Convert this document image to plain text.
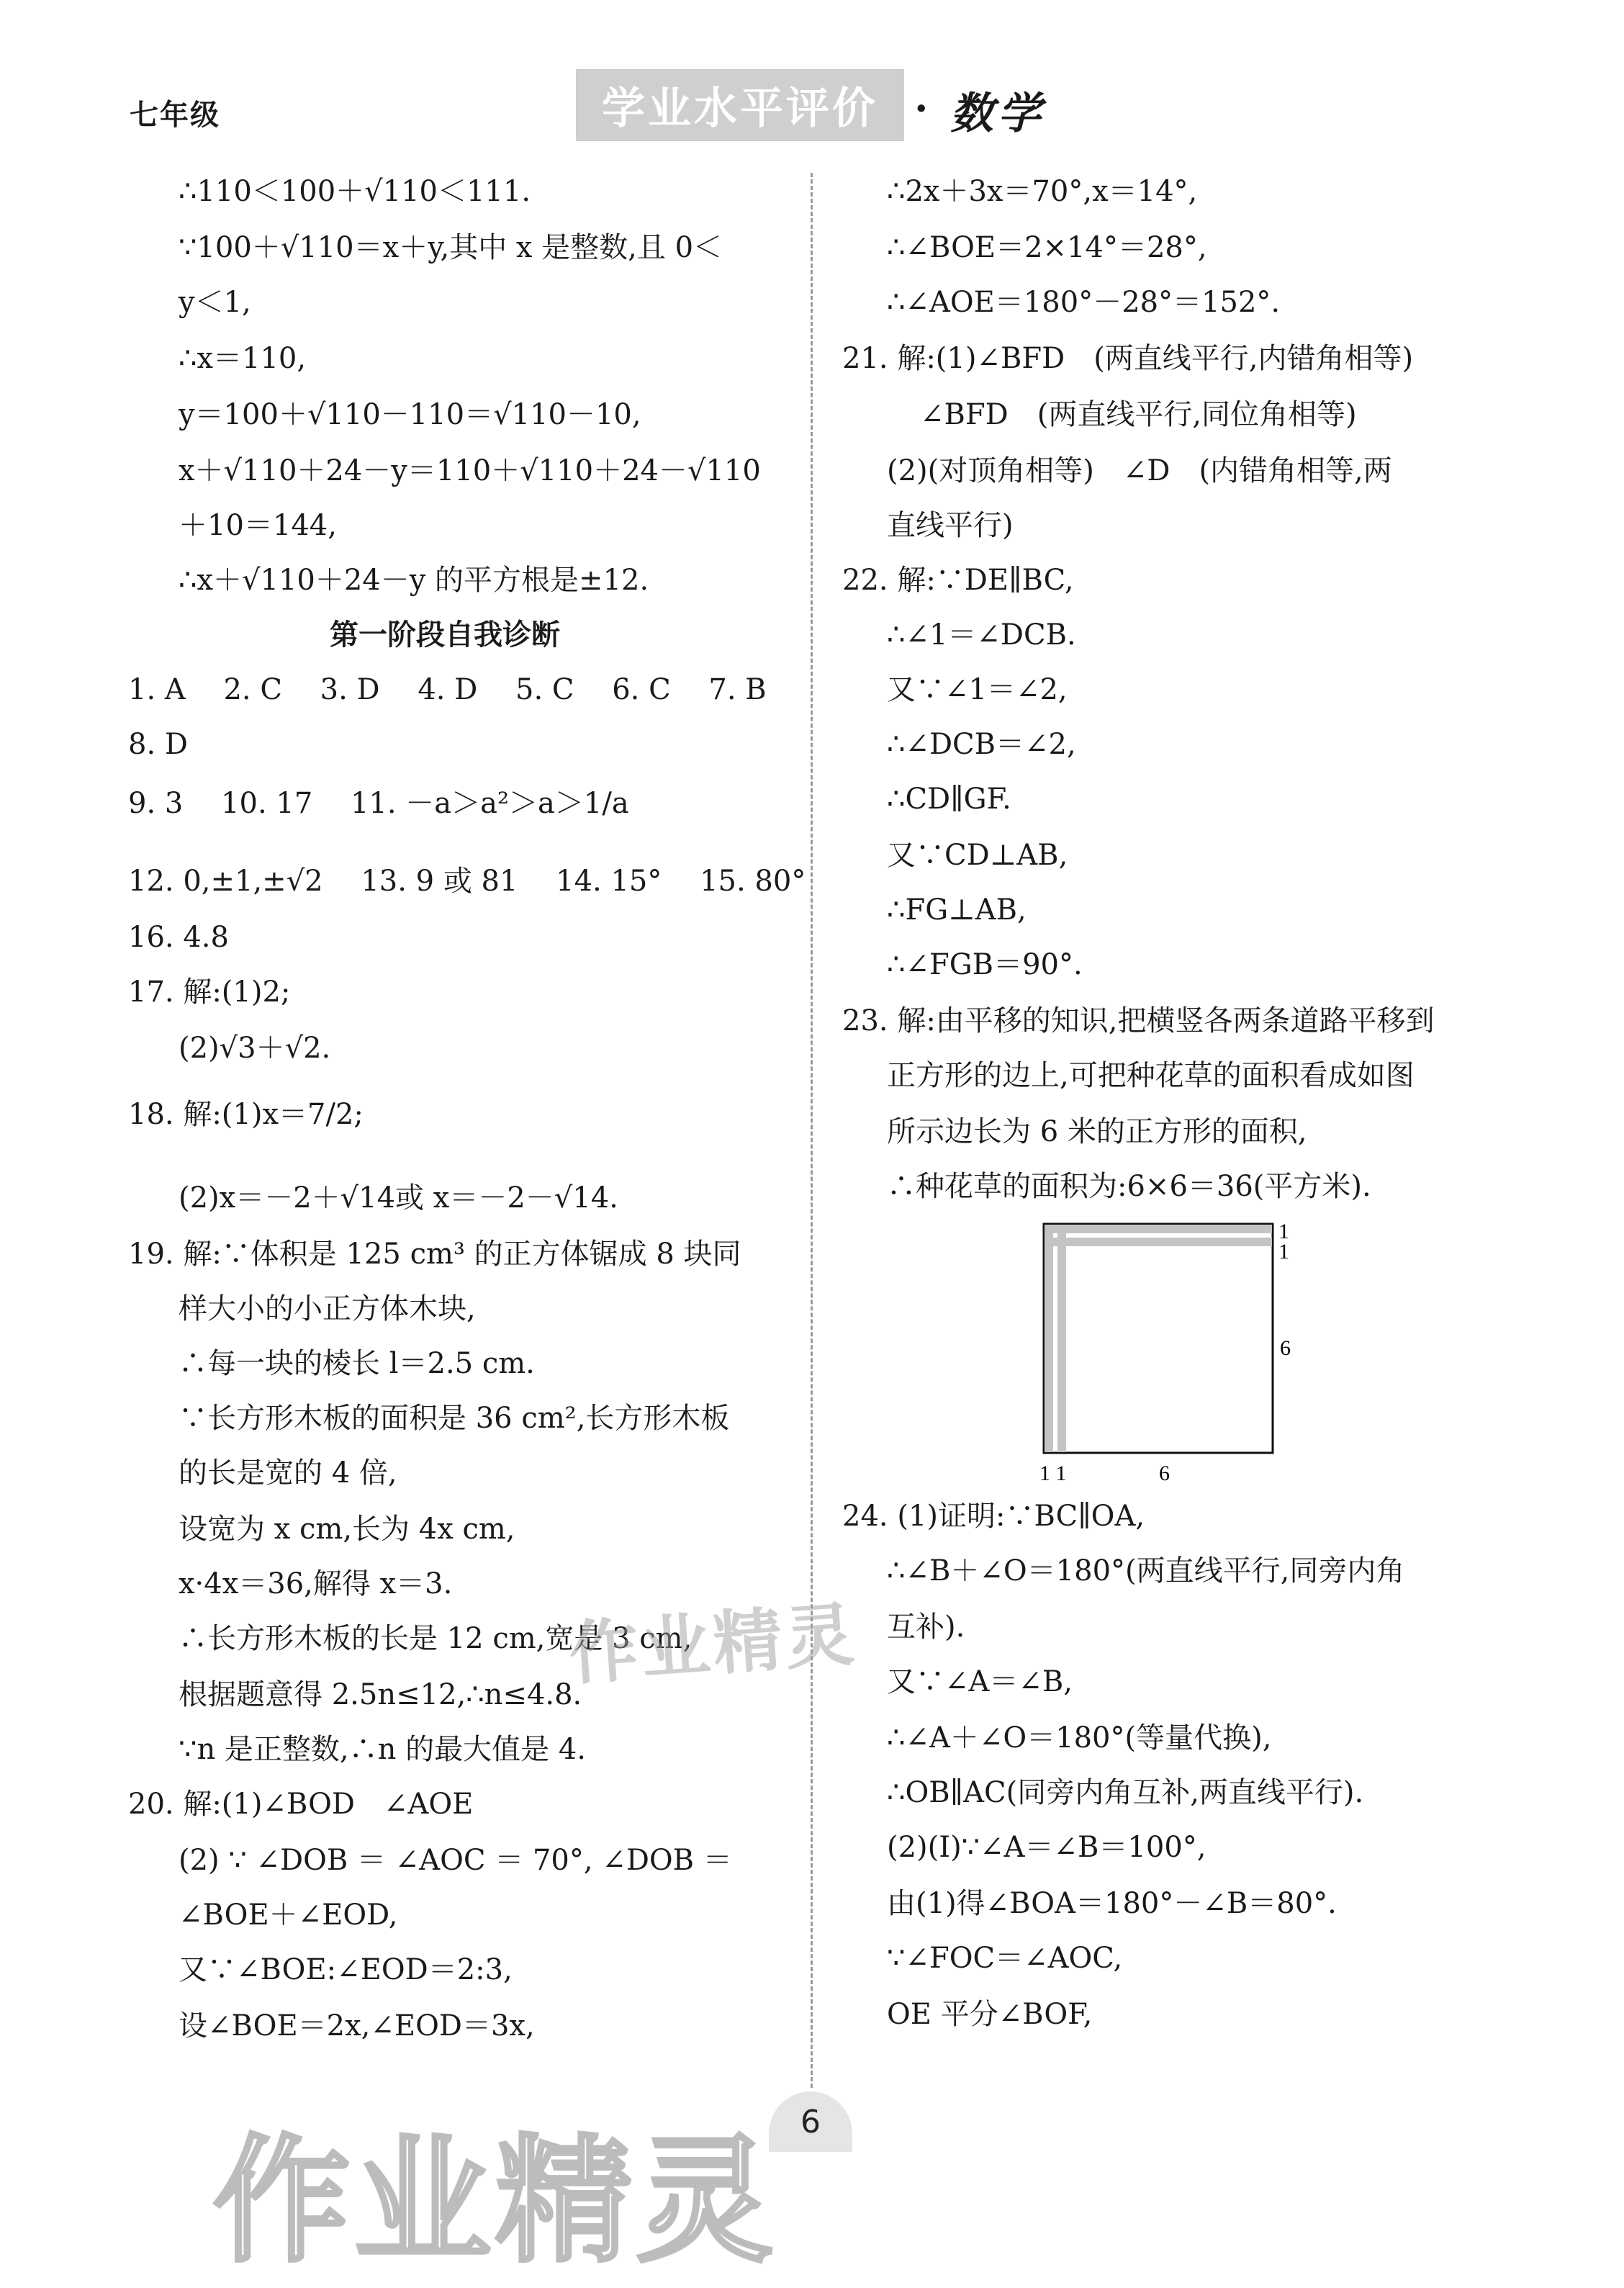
七年级	学业水平评价 · 数学
∴110＜100＋√110＜111.
∵100＋√110＝x＋y,其中 x 是整数,且 0＜
y＜1,
∴x＝110,
y＝100＋√110－110＝√110－10,
x＋√110＋24－y＝110＋√110＋24－√110
＋10＝144,
∴x＋√110＋24－y 的平方根是±12.
第一阶段自我诊断
1. A　 2. C　 3. D　 4. D　 5. C　 6. C　 7. B
8. D
9. 3　 10. 17　 11. －a＞a²＞a＞1/a
12. 0,±1,±√2　 13. 9 或 81　 14. 15°　 15. 80°
16. 4.8
17. 解:(1)2;
(2)√3＋√2.
18. 解:(1)x＝7/2;
(2)x＝－2＋√14或 x＝－2－√14.
19. 解:∵体积是 125 cm³ 的正方体锯成 8 块同
样大小的小正方体木块,
∴每一块的棱长 l＝2.5 cm.
∵长方形木板的面积是 36 cm²,长方形木板
的长是宽的 4 倍,
设宽为 x cm,长为 4x cm,
x·4x＝36,解得 x＝3.
∴长方形木板的长是 12 cm,宽是 3 cm,
根据题意得 2.5n≤12,∴n≤4.8.
∵n 是正整数,∴n 的最大值是 4.
20. 解:(1)∠BOD　∠AOE
(2) ∵ ∠DOB ＝ ∠AOC ＝ 70°, ∠DOB ＝
∠BOE＋∠EOD,
又∵∠BOE:∠EOD＝2:3,
设∠BOE＝2x,∠EOD＝3x,
∴2x＋3x＝70°,x＝14°,
∴∠BOE＝2×14°＝28°,
∴∠AOE＝180°－28°＝152°.
21. 解:(1)∠BFD　(两直线平行,内错角相等)
∠BFD　(两直线平行,同位角相等)
(2)(对顶角相等)　∠D　(内错角相等,两
直线平行)
22. 解:∵DE∥BC,
∴∠1＝∠DCB.
又∵∠1＝∠2,
∴∠DCB＝∠2,
∴CD∥GF.
又∵CD⊥AB,
∴FG⊥AB,
∴∠FGB＝90°.
23. 解:由平移的知识,把横竖各两条道路平移到
正方形的边上,可把种花草的面积看成如图
所示边长为 6 米的正方形的面积,
∴种花草的面积为:6×6＝36(平方米).
24. (1)证明:∵BC∥OA,
∴∠B＋∠O＝180°(两直线平行,同旁内角
互补).
又∵∠A＝∠B,
∴∠A＋∠O＝180°(等量代换),
∴OB∥AC(同旁内角互补,两直线平行).
(2)(Ⅰ)∵∠A＝∠B＝100°,
由(1)得∠BOA＝180°－∠B＝80°.
∵∠FOC＝∠AOC,
OE 平分∠BOF,
1
1
6
1 1	6
作业精灵
6
作业精灵
